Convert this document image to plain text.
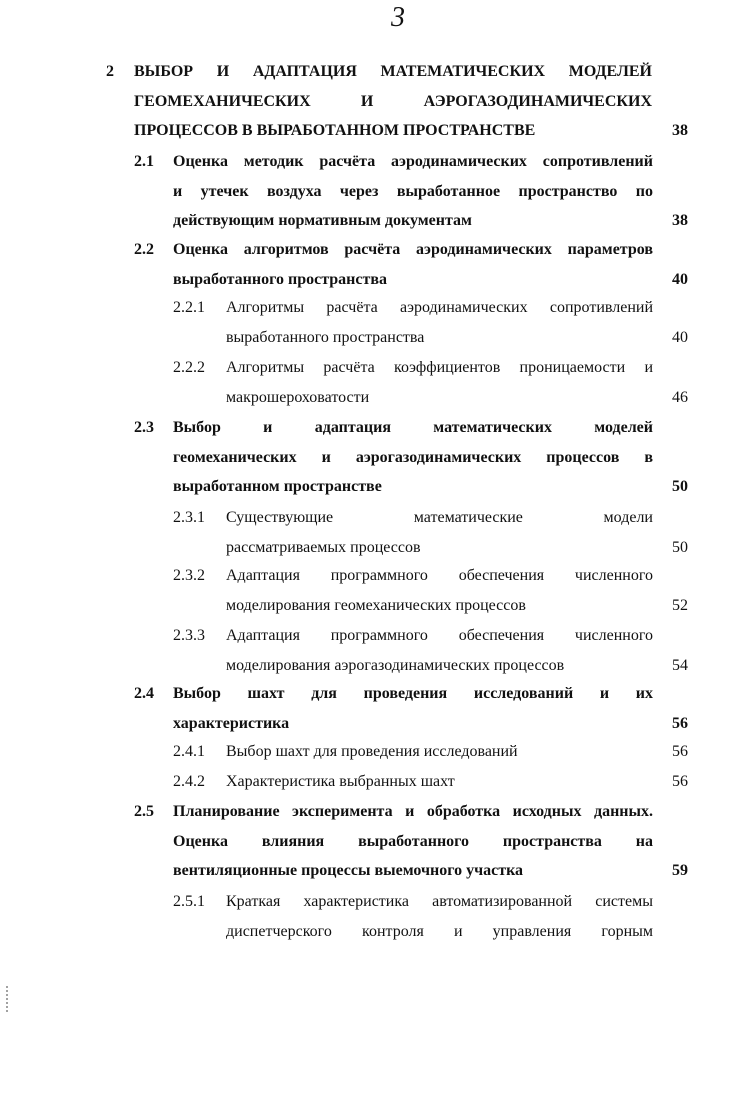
3
2 ВЫБОР И АДАПТАЦИЯ МАТЕМАТИЧЕСКИХ МОДЕЛЕЙ
ГЕОМЕХАНИЧЕСКИХ И АЭРОГАЗОДИНАМИЧЕСКИХ
ПРОЦЕССОВ В ВЫРАБОТАННОМ ПРОСТРАНСТВЕ	38
2.1 Оценка методик расчёта аэродинамических сопротивлений
и утечек воздуха через выработанное пространство по
действующим нормативным документам	38
2.2 Оценка алгоритмов расчёта аэродинамических параметров
выработанного пространства	40
2.2.1 Алгоритмы расчёта аэродинамических сопротивлений
выработанного пространства	40
2.2.2 Алгоритмы расчёта коэффициентов проницаемости и
макрошероховатости	46
2.3 Выбор и адаптация математических моделей
геомеханических и аэрогазодинамических процессов в
выработанном пространстве	50
2.3.1 Существующие математические модели
рассматриваемых процессов	50
2.3.2 Адаптация программного обеспечения численного
моделирования геомеханических процессов	52
2.3.3 Адаптация программного обеспечения численного
моделирования аэрогазодинамических процессов	54
2.4 Выбор шахт для проведения исследований и их
характеристика	56
2.4.1 Выбор шахт для проведения исследований	56
2.4.2 Характеристика выбранных шахт	56
2.5 Планирование эксперимента и обработка исходных данных.
Оценка влияния выработанного пространства на
вентиляционные процессы выемочного участка	59
2.5.1 Краткая характеристика автоматизированной системы
диспетчерского контроля и управления горным
